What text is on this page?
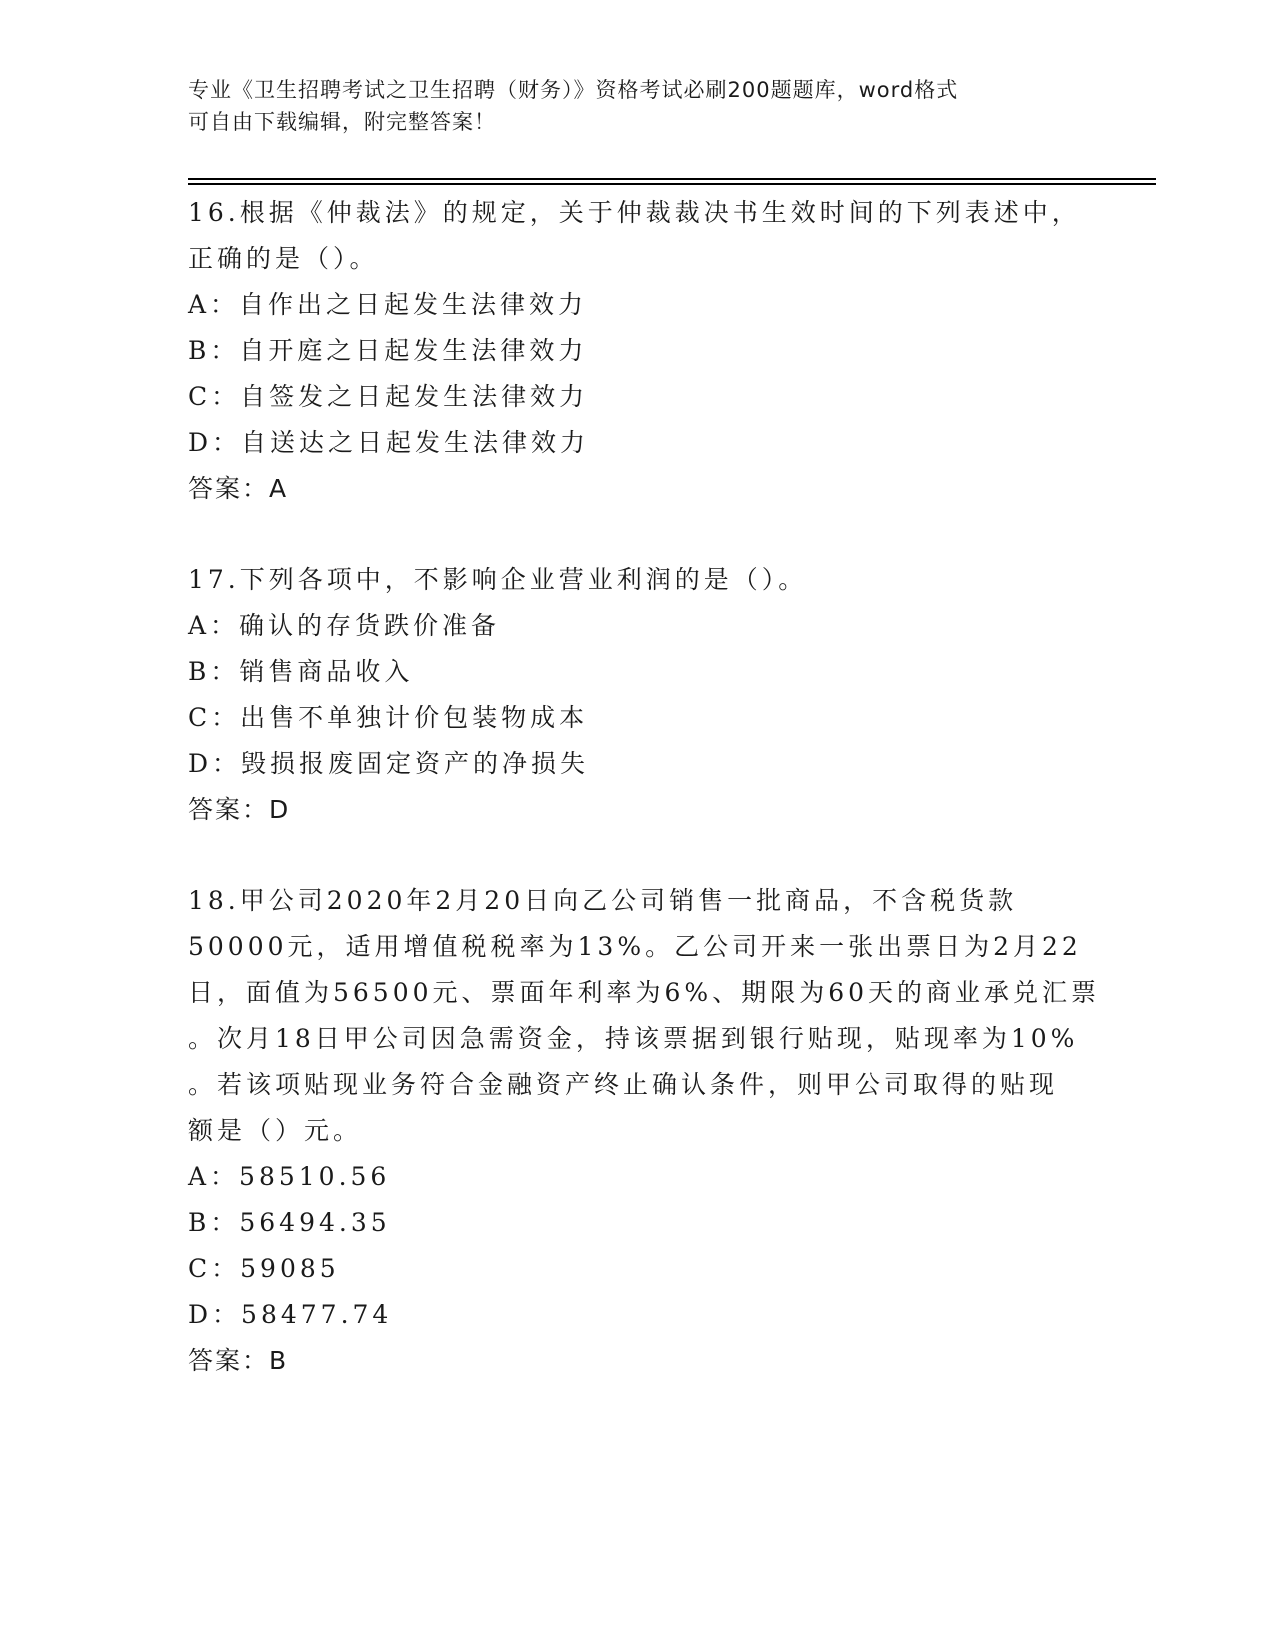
专业《卫生招聘考试之卫生招聘（财务）》资格考试必刷200题题库，word格式
可自由下载编辑，附完整答案！
16.根据《仲裁法》的规定，关于仲裁裁决书生效时间的下列表述中，
正确的是（）。
A：自作出之日起发生法律效力
B：自开庭之日起发生法律效力
C：自签发之日起发生法律效力
D：自送达之日起发生法律效力
答案：A
17.下列各项中，不影响企业营业利润的是（）。
A：确认的存货跌价准备
B：销售商品收入
C：出售不单独计价包装物成本
D：毁损报废固定资产的净损失
答案：D
18.甲公司2020年2月20日向乙公司销售一批商品，不含税货款
50000元，适用增值税税率为13%。乙公司开来一张出票日为2月22
日，面值为56500元、票面年利率为6%、期限为60天的商业承兑汇票
。次月18日甲公司因急需资金，持该票据到银行贴现，贴现率为10%
。若该项贴现业务符合金融资产终止确认条件，则甲公司取得的贴现
额是（）元。
A：58510.56
B：56494.35
C：59085
D：58477.74
答案：B
